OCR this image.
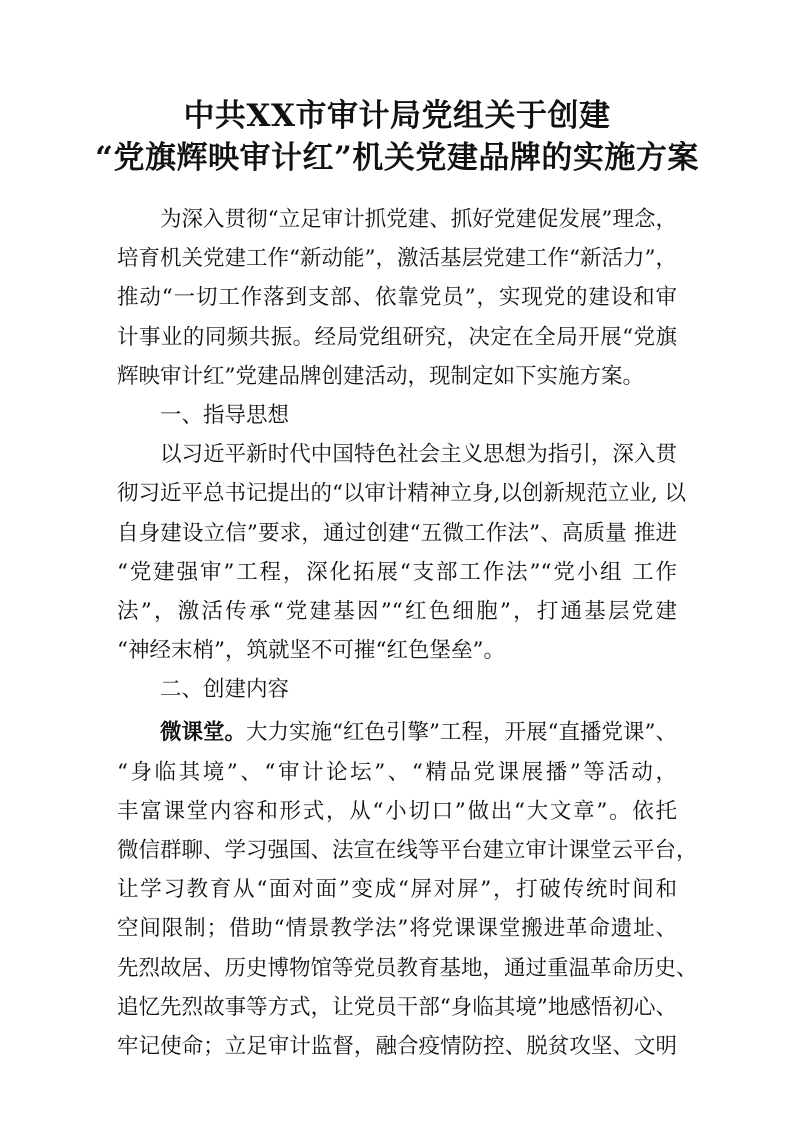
中共XX市审计局党组关于创建
“党旗辉映审计红”机关党建品牌的实施方案
为深入贯彻“立足审计抓党建、抓好党建促发展”理念，
培育机关党建工作“新动能”，激活基层党建工作“新活力”，
推动“一切工作落到支部、依靠党员”，实现党的建设和审
计事业的同频共振。经局党组研究，决定在全局开展“党旗
辉映审计红”党建品牌创建活动，现制定如下实施方案。
一、指导思想
以习近平新时代中国特色社会主义思想为指引，深入贯
彻习近平总书记提出的“以审计精神立身,以创新规范立业, 以
自身建设立信”要求，通过创建“五微工作法”、高质量 推进
“党建强审”工程，深化拓展“支部工作法”“党小组 工作
法”，激活传承“党建基因”“红色细胞”，打通基层党建
“神经末梢”，筑就坚不可摧“红色堡垒”。
二、创建内容
微课堂。大力实施“红色引擎”工程，开展“直播党课”、
“身临其境”、“审计论坛”、“精品党课展播”等活动，
丰富课堂内容和形式，从“小切口”做出“大文章”。依托
微信群聊、学习强国、法宣在线等平台建立审计课堂云平台，
让学习教育从“面对面”变成“屏对屏”，打破传统时间和
空间限制；借助“情景教学法”将党课课堂搬进革命遗址、
先烈故居、历史博物馆等党员教育基地，通过重温革命历史、
追忆先烈故事等方式，让党员干部“身临其境”地感悟初心、
牢记使命；立足审计监督，融合疫情防控、脱贫攻坚、文明
